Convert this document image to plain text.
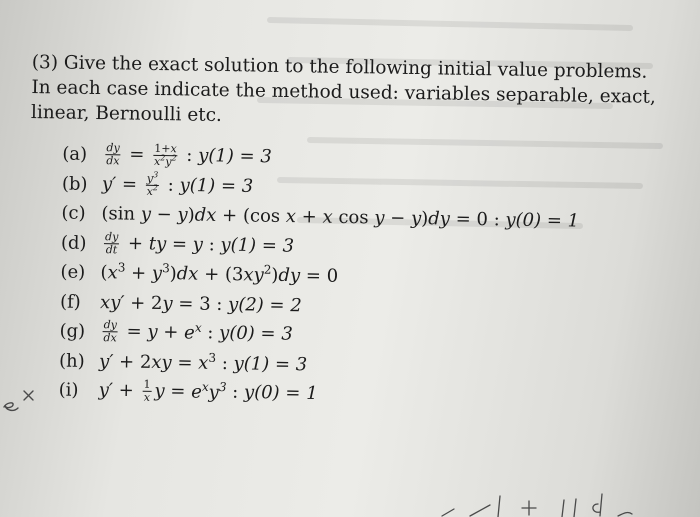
(3) Give the exact solution to the following initial value problems. In each case indicate the method used: variables separable, exact, linear, Bernoulli etc.

(a)	$\frac{dy}{dx} = \frac{1+x}{x^2y^2}$ : y(1) = 3
(b) $y' = \frac{y^3}{x^2}$ : y(1) = 3
(c) (sin y − y)dx + (cos x + x cos y − y)dy = 0 : y(0) = 1
(d)	$\frac{dy}{dt}$ + ty = y : y(1) = 3
(e) $(x^3 + y^3)dx + (3xy^2)dy = 0$
(f)	xy′ + 2y = 3 : y(2) = 2
(g)	$\frac{dy}{dx} = y + e^x$ : y(0) = 3
(h) $y' + 2xy = x^3$ : y(1) = 3
(i)	$y' + \frac{1}{x}$ $y = e^xy^3$ : y(0) = 1
